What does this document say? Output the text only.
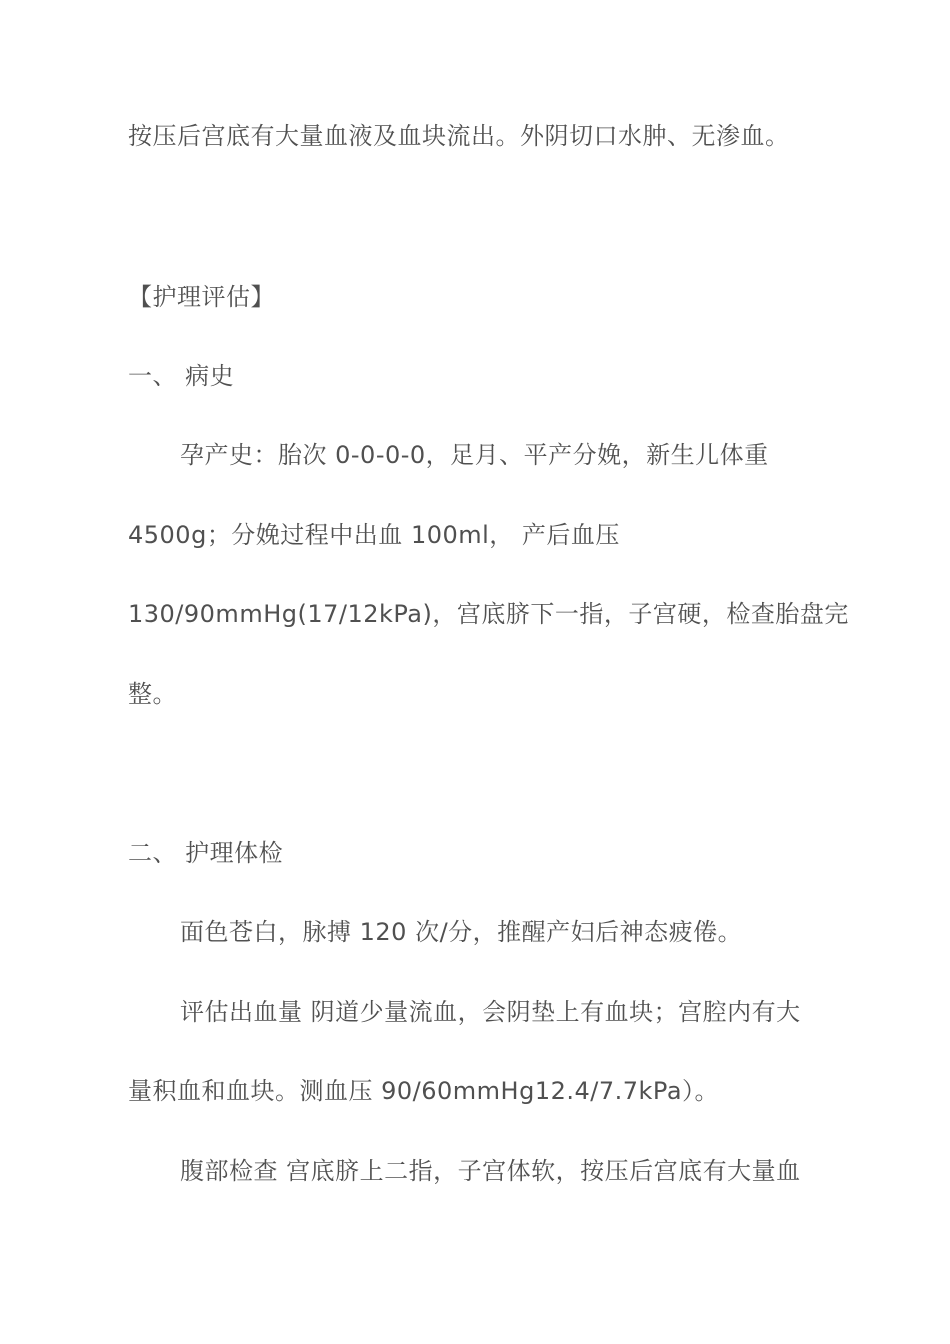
按压后宫底有大量血液及血块流出。外阴切口水肿、无渗血。
【护理评估】
一、 病史
孕产史：胎次 0-0-0-0，足月、平产分娩，新生儿体重
4500g；分娩过程中出血 100ml， 产后血压
130/90mmHg(17/12kPa)，宫底脐下一指，子宫硬，检查胎盘完
整。
二、 护理体检
面色苍白，脉搏 120 次/分，推醒产妇后神态疲倦。
评估出血量 阴道少量流血，会阴垫上有血块；宫腔内有大
量积血和血块。测血压 90/60mmHg12.4/7.7kPa）。
腹部检查 宫底脐上二指，子宫体软，按压后宫底有大量血
